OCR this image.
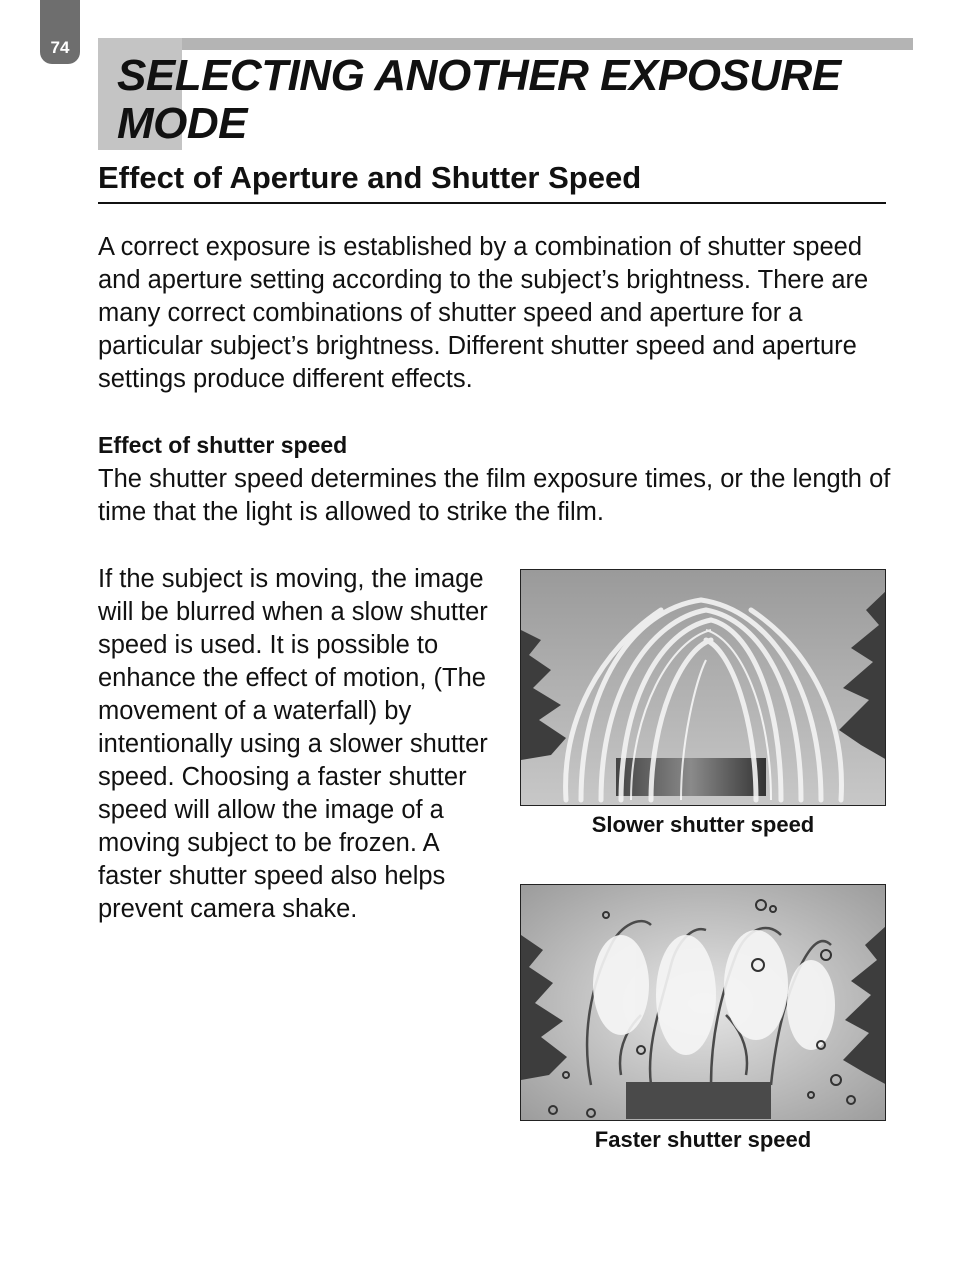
74
SELECTING ANOTHER EXPOSURE MODE
Effect of Aperture and Shutter Speed

A correct exposure is established by a combination of shutter speed and aperture setting according to the subject’s brightness. There are many correct combinations of shutter speed and aperture for a particular subject’s brightness. Different shutter speed and aperture settings produce different effects.

Effect of shutter speed

The shutter speed determines the film exposure times, or the length of time that the light is allowed to strike the film.

If the subject is moving, the image will be blurred when a slow shutter speed is used. It is possible to enhance the effect of motion, (The movement of a waterfall) by intentionally using a slower shutter speed. Choosing a faster shutter speed will allow the image of a moving subject to be frozen. A faster shutter speed also helps prevent camera shake.

Slower shutter speed
Faster shutter speed
